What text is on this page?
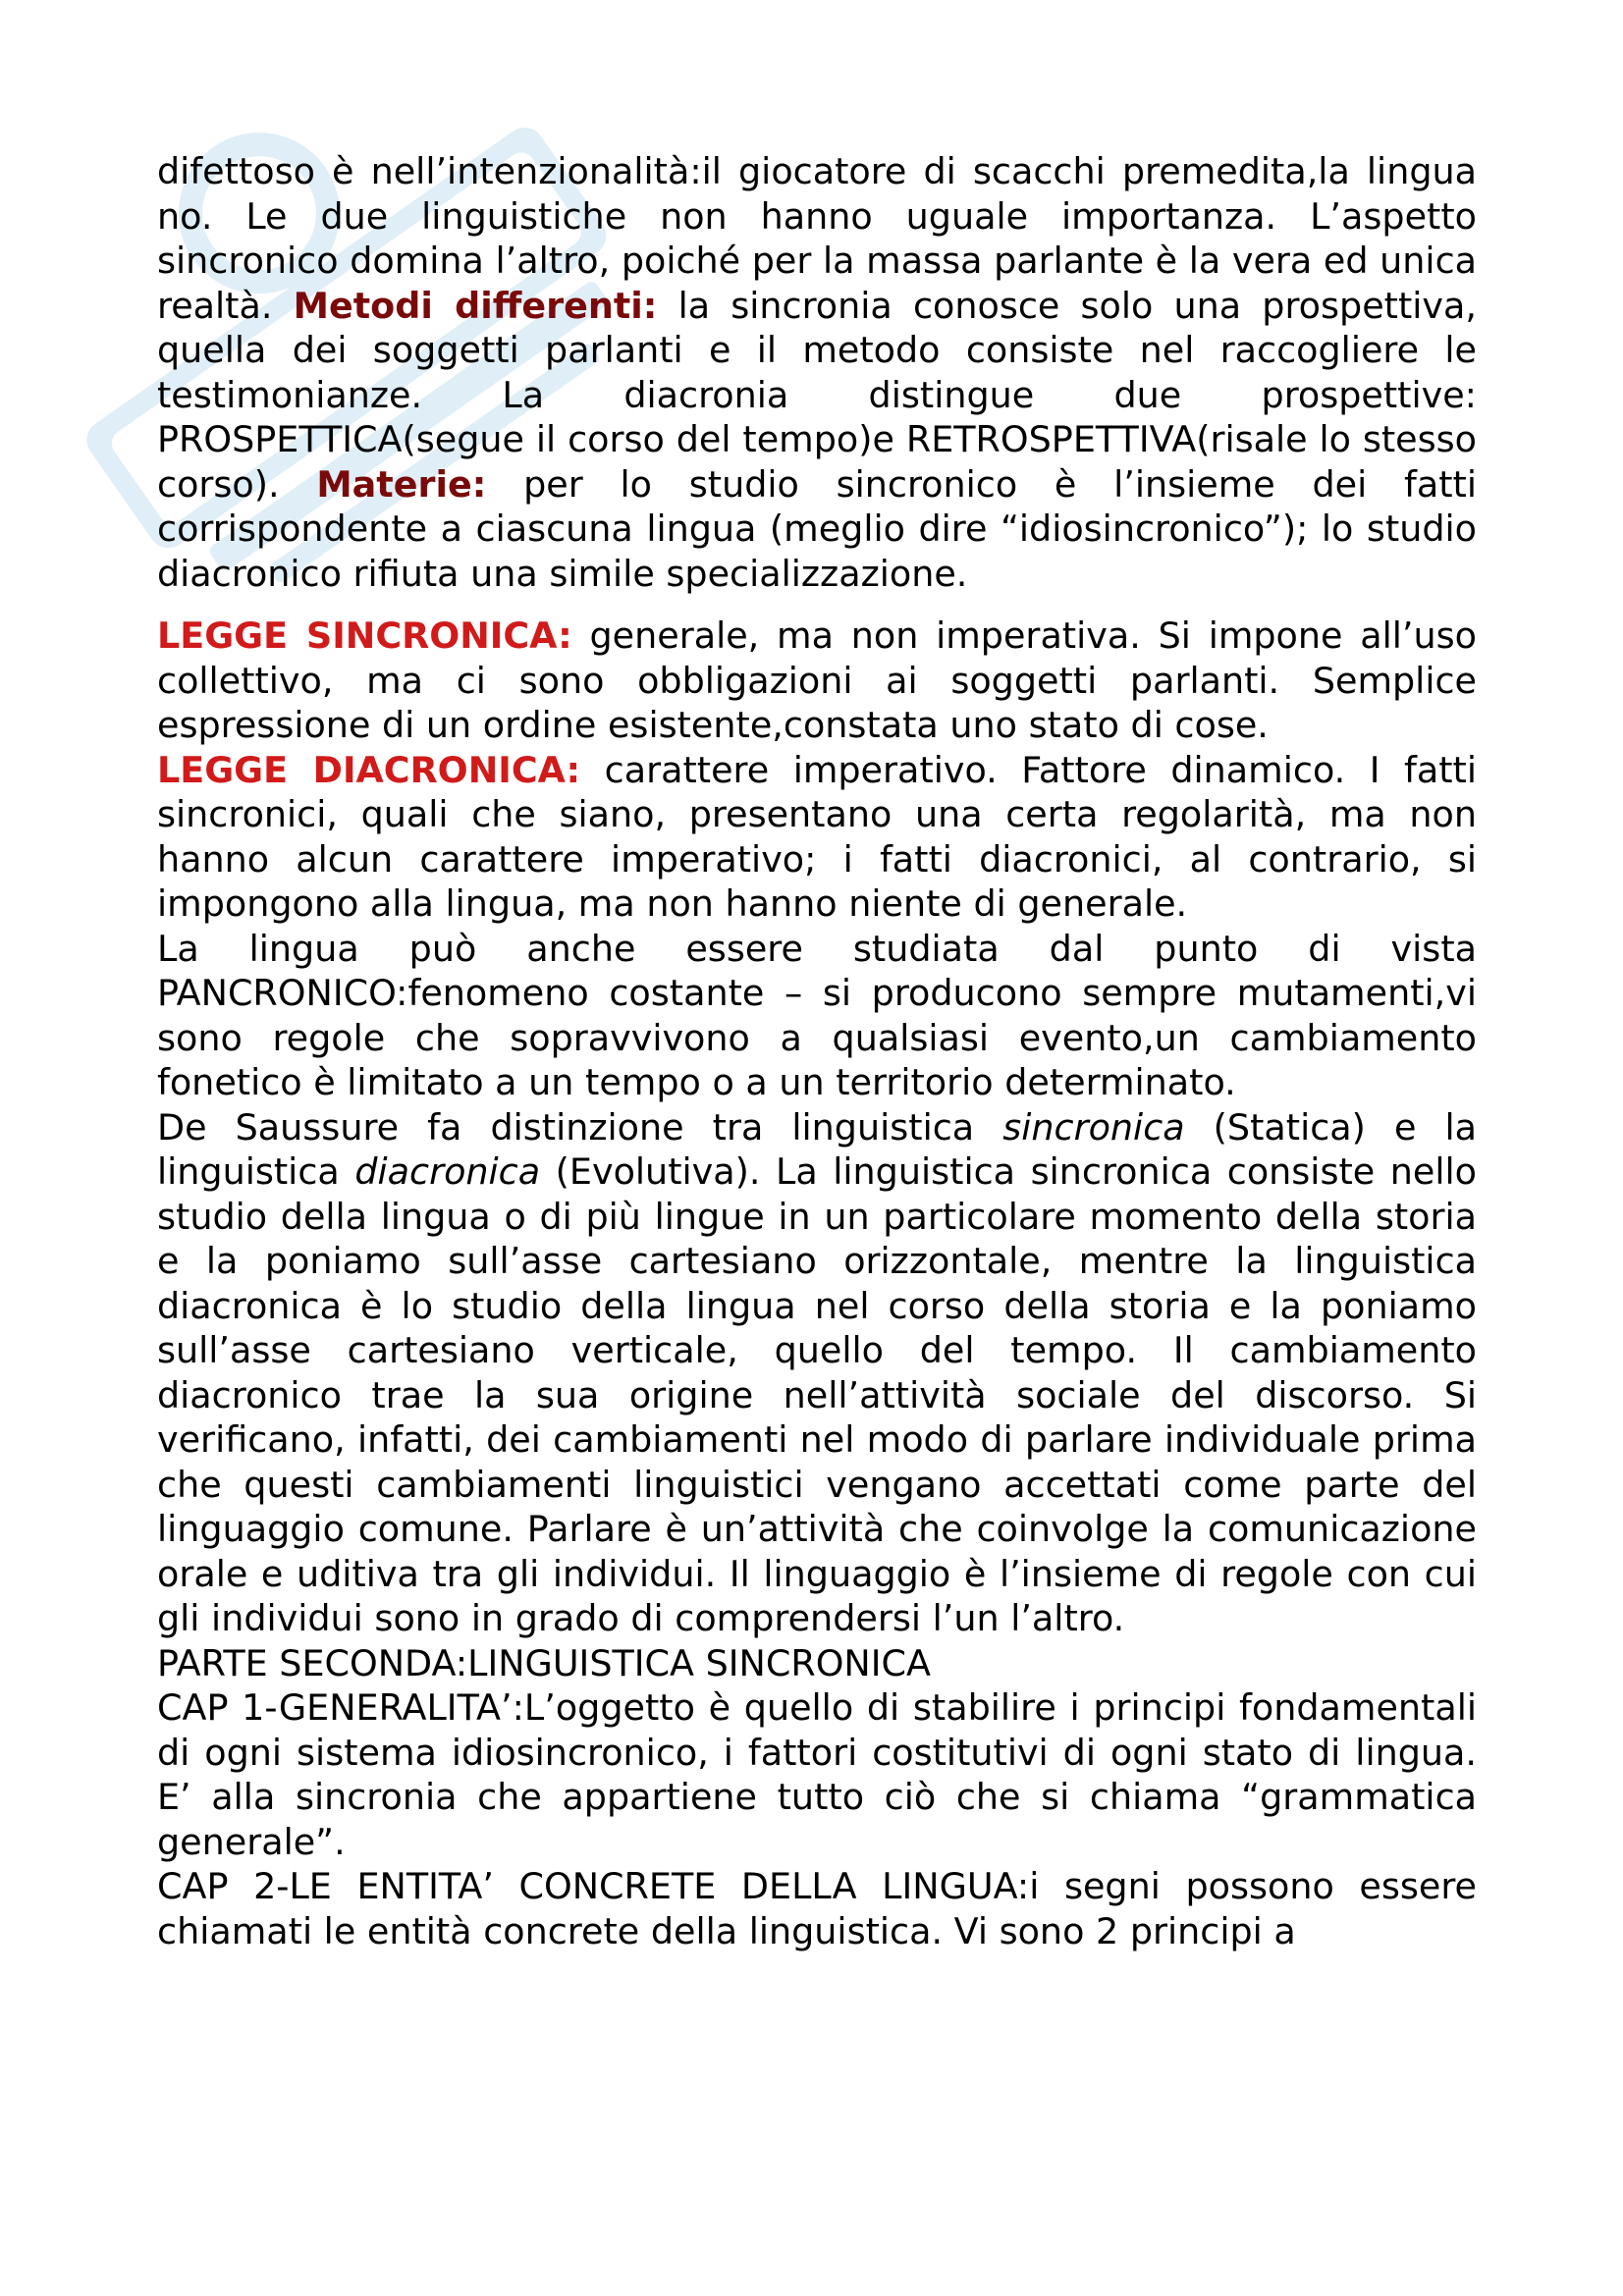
difettoso è nell’intenzionalità:il giocatore di scacchi premedita,la lingua no. Le due linguistiche non hanno uguale importanza. L’aspetto sincronico domina l’altro, poiché per la massa parlante è la vera ed unica realtà. Metodi differenti: la sincronia conosce solo una prospettiva, quella dei soggetti parlanti e il metodo consiste nel raccogliere le testimonianze. La diacronia distingue due prospettive: PROSPETTICA(segue il corso del tempo)e RETROSPETTIVA(risale lo stesso corso). Materie: per lo studio sincronico è l’insieme dei fatti corrispondente a ciascuna lingua (meglio dire “idiosincronico”); lo studio diacronico rifiuta una simile specializzazione.

LEGGE SINCRONICA: generale, ma non imperativa. Si impone all’uso collettivo, ma ci sono obbligazioni ai soggetti parlanti. Semplice espressione di un ordine esistente,constata uno stato di cose.

LEGGE DIACRONICA: carattere imperativo. Fattore dinamico. I fatti sincronici, quali che siano, presentano una certa regolarità, ma non hanno alcun carattere imperativo; i fatti diacronici, al contrario, si impongono alla lingua, ma non hanno niente di generale.

La lingua può anche essere studiata dal punto di vista PANCRONICO:fenomeno costante – si producono sempre mutamenti,vi sono regole che sopravvivono a qualsiasi evento,un cambiamento fonetico è limitato a un tempo o a un territorio determinato.

De Saussure fa distinzione tra linguistica sincronica (Statica) e la linguistica diacronica (Evolutiva). La linguistica sincronica consiste nello studio della lingua o di più lingue in un particolare momento della storia e la poniamo sull’asse cartesiano orizzontale, mentre la linguistica diacronica è lo studio della lingua nel corso della storia e la poniamo sull’asse cartesiano verticale, quello del tempo. Il cambiamento diacronico trae la sua origine nell’attività sociale del discorso. Si verificano, infatti, dei cambiamenti nel modo di parlare individuale prima che questi cambiamenti linguistici vengano accettati come parte del linguaggio comune. Parlare è un’attività che coinvolge la comunicazione orale e uditiva tra gli individui. Il linguaggio è l’insieme di regole con cui gli individui sono in grado di comprendersi l’un l’altro.

PARTE SECONDA:LINGUISTICA SINCRONICA

CAP 1-GENERALITA’:L’oggetto è quello di stabilire i principi fondamentali di ogni sistema idiosincronico, i fattori costitutivi di ogni stato di lingua. E’ alla sincronia che appartiene tutto ciò che si chiama “grammatica generale”.

CAP 2-LE ENTITA’ CONCRETE DELLA LINGUA:i segni possono essere chiamati le entità concrete della linguistica. Vi sono 2 principi a
